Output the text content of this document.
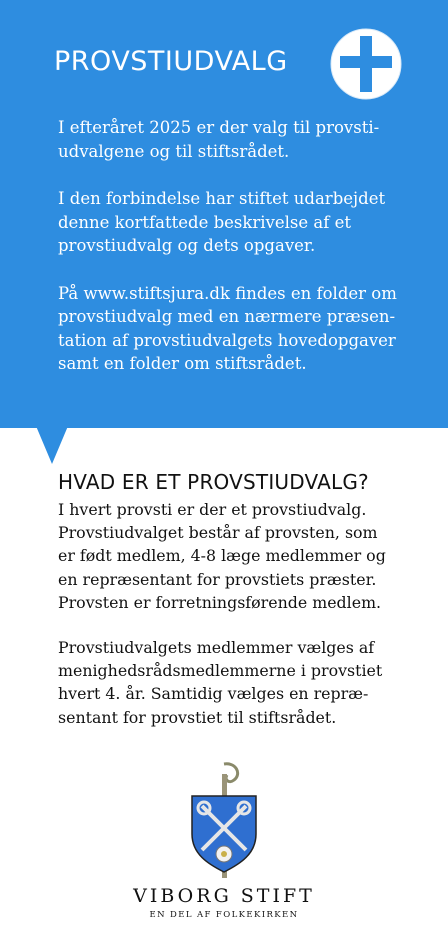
PROVSTIUDVALG

I efteråret 2025 er der valg til provsti-
udvalgene og til stiftsrådet.

I den forbindelse har stiftet udarbejdet
denne kortfattede beskrivelse af et
provstiudvalg og dets opgaver.

På www.stiftsjura.dk findes en folder om
provstiudvalg med en nærmere præsen-
tation af provstiudvalgets hovedopgaver
samt en folder om stiftsrådet.

HVAD ER ET PROVSTIUDVALG?

I hvert provsti er der et provstiudvalg.
Provstiudvalget består af provsten, som
er født medlem, 4-8 læge medlemmer og
en repræsentant for provstiets præster.
Provsten er forretningsførende medlem.

Provstiudvalgets medlemmer vælges af
menighedsrådsmedlemmerne i provstiet
hvert 4. år. Samtidig vælges en repræ-
sentant for provstiet til stiftsrådet.

VIBORG STIFT
EN DEL AF FOLKEKIRKEN
